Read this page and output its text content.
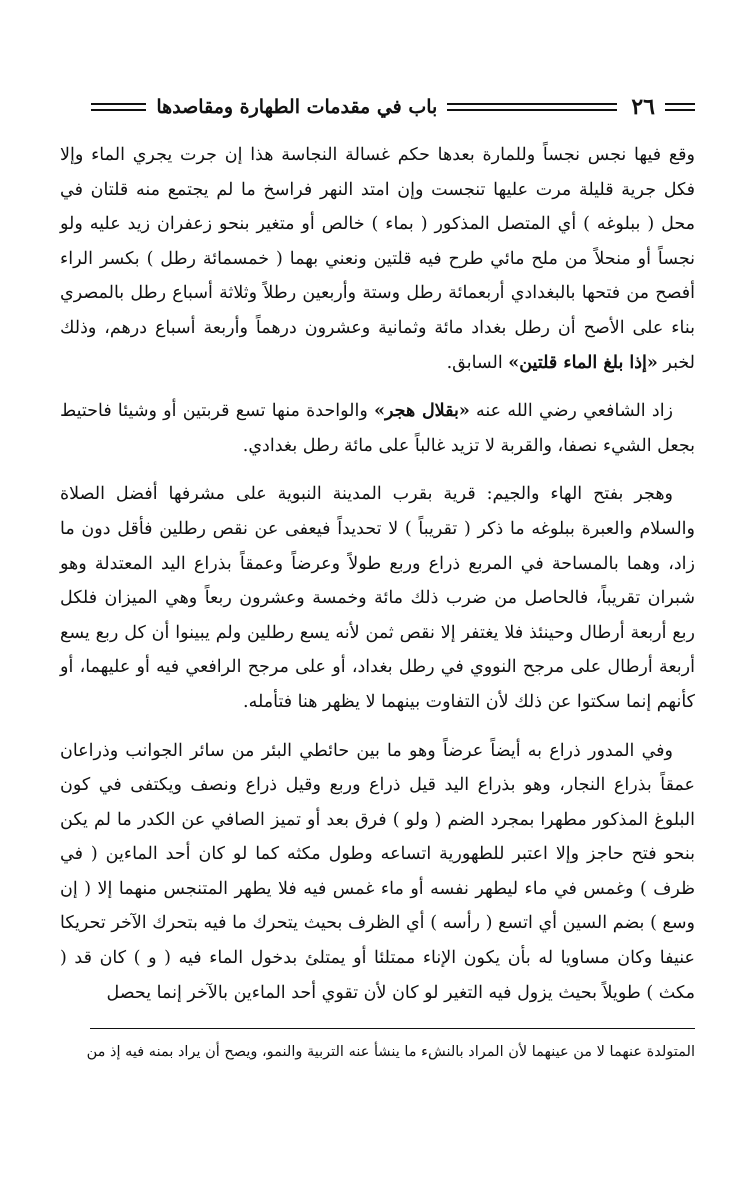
٢٦
باب في مقدمات الطهارة ومقاصدها

وقع فيها نجس نجساً وللمارة بعدها حكم غسالة النجاسة هذا إن جرت يجري الماء وإلا فكل جرية قليلة مرت عليها تنجست وإن امتد النهر فراسخ ما لم يجتمع منه قلتان في محل ( ببلوغه ) أي المتصل المذكور ( بماء ) خالص أو متغير بنحو زعفران زيد عليه ولو نجساً أو منحلاً من ملح مائي طرح فيه قلتين ونعني بهما ( خمسمائة رطل ) بكسر الراء أفصح من فتحها بالبغدادي أربعمائة رطل وستة وأربعين رطلاً وثلاثة أسباع رطل بالمصري بناء على الأصح أن رطل بغداد مائة وثمانية وعشرون درهماً وأربعة أسباع درهم، وذلك لخبر «إذا بلغ الماء قلتين» السابق.

زاد الشافعي رضي الله عنه «بقلال هجر» والواحدة منها تسع قربتين أو وشيئا فاحتيط بجعل الشيء نصفا، والقربة لا تزيد غالباً على مائة رطل بغدادي.

وهجر بفتح الهاء والجيم: قرية بقرب المدينة النبوية على مشرفها أفضل الصلاة والسلام والعبرة ببلوغه ما ذكر ( تقريباً ) لا تحديداً فيعفى عن نقص رطلين فأقل دون ما زاد، وهما بالمساحة في المربع ذراع وربع طولاً وعرضاً وعمقاً بذراع اليد المعتدلة وهو شبران تقريباً، فالحاصل من ضرب ذلك مائة وخمسة وعشرون ربعاً وهي الميزان فلكل ربع أربعة أرطال وحينئذ فلا يغتفر إلا نقص ثمن لأنه يسع رطلين ولم يبينوا أن كل ربع يسع أربعة أرطال على مرجح النووي في رطل بغداد، أو على مرجح الرافعي فيه أو عليهما، أو كأنهم إنما سكتوا عن ذلك لأن التفاوت بينهما لا يظهر هنا فتأمله.

وفي المدور ذراع به أيضاً عرضاً وهو ما بين حائطي البئر من سائر الجوانب وذراعان عمقاً بذراع النجار، وهو بذراع اليد قيل ذراع وربع وقيل ذراع ونصف ويكتفى في كون البلوغ المذكور مطهرا بمجرد الضم ( ولو ) فرق بعد أو تميز الصافي عن الكدر ما لم يكن بنحو فتح حاجز وإلا اعتبر للطهورية اتساعه وطول مكثه كما لو كان أحد الماءين ( في ظرف ) وغمس في ماء ليطهر نفسه أو ماء غمس فيه فلا يطهر المتنجس منهما إلا ( إن وسع ) بضم السين أي اتسع ( رأسه ) أي الظرف بحيث يتحرك ما فيه بتحرك الآخر تحريكا عنيفا وكان مساويا له بأن يكون الإناء ممتلئا أو يمتلئ بدخول الماء فيه ( و ) كان قد ( مكث ) طويلاً بحيث يزول فيه التغير لو كان لأن تقوي أحد الماءين بالآخر إنما يحصل

المتولدة عنهما لا من عينهما لأن المراد بالنشء ما ينشأ عنه التربية والنمو، ويصح أن يراد بمنه فيه إذ من
